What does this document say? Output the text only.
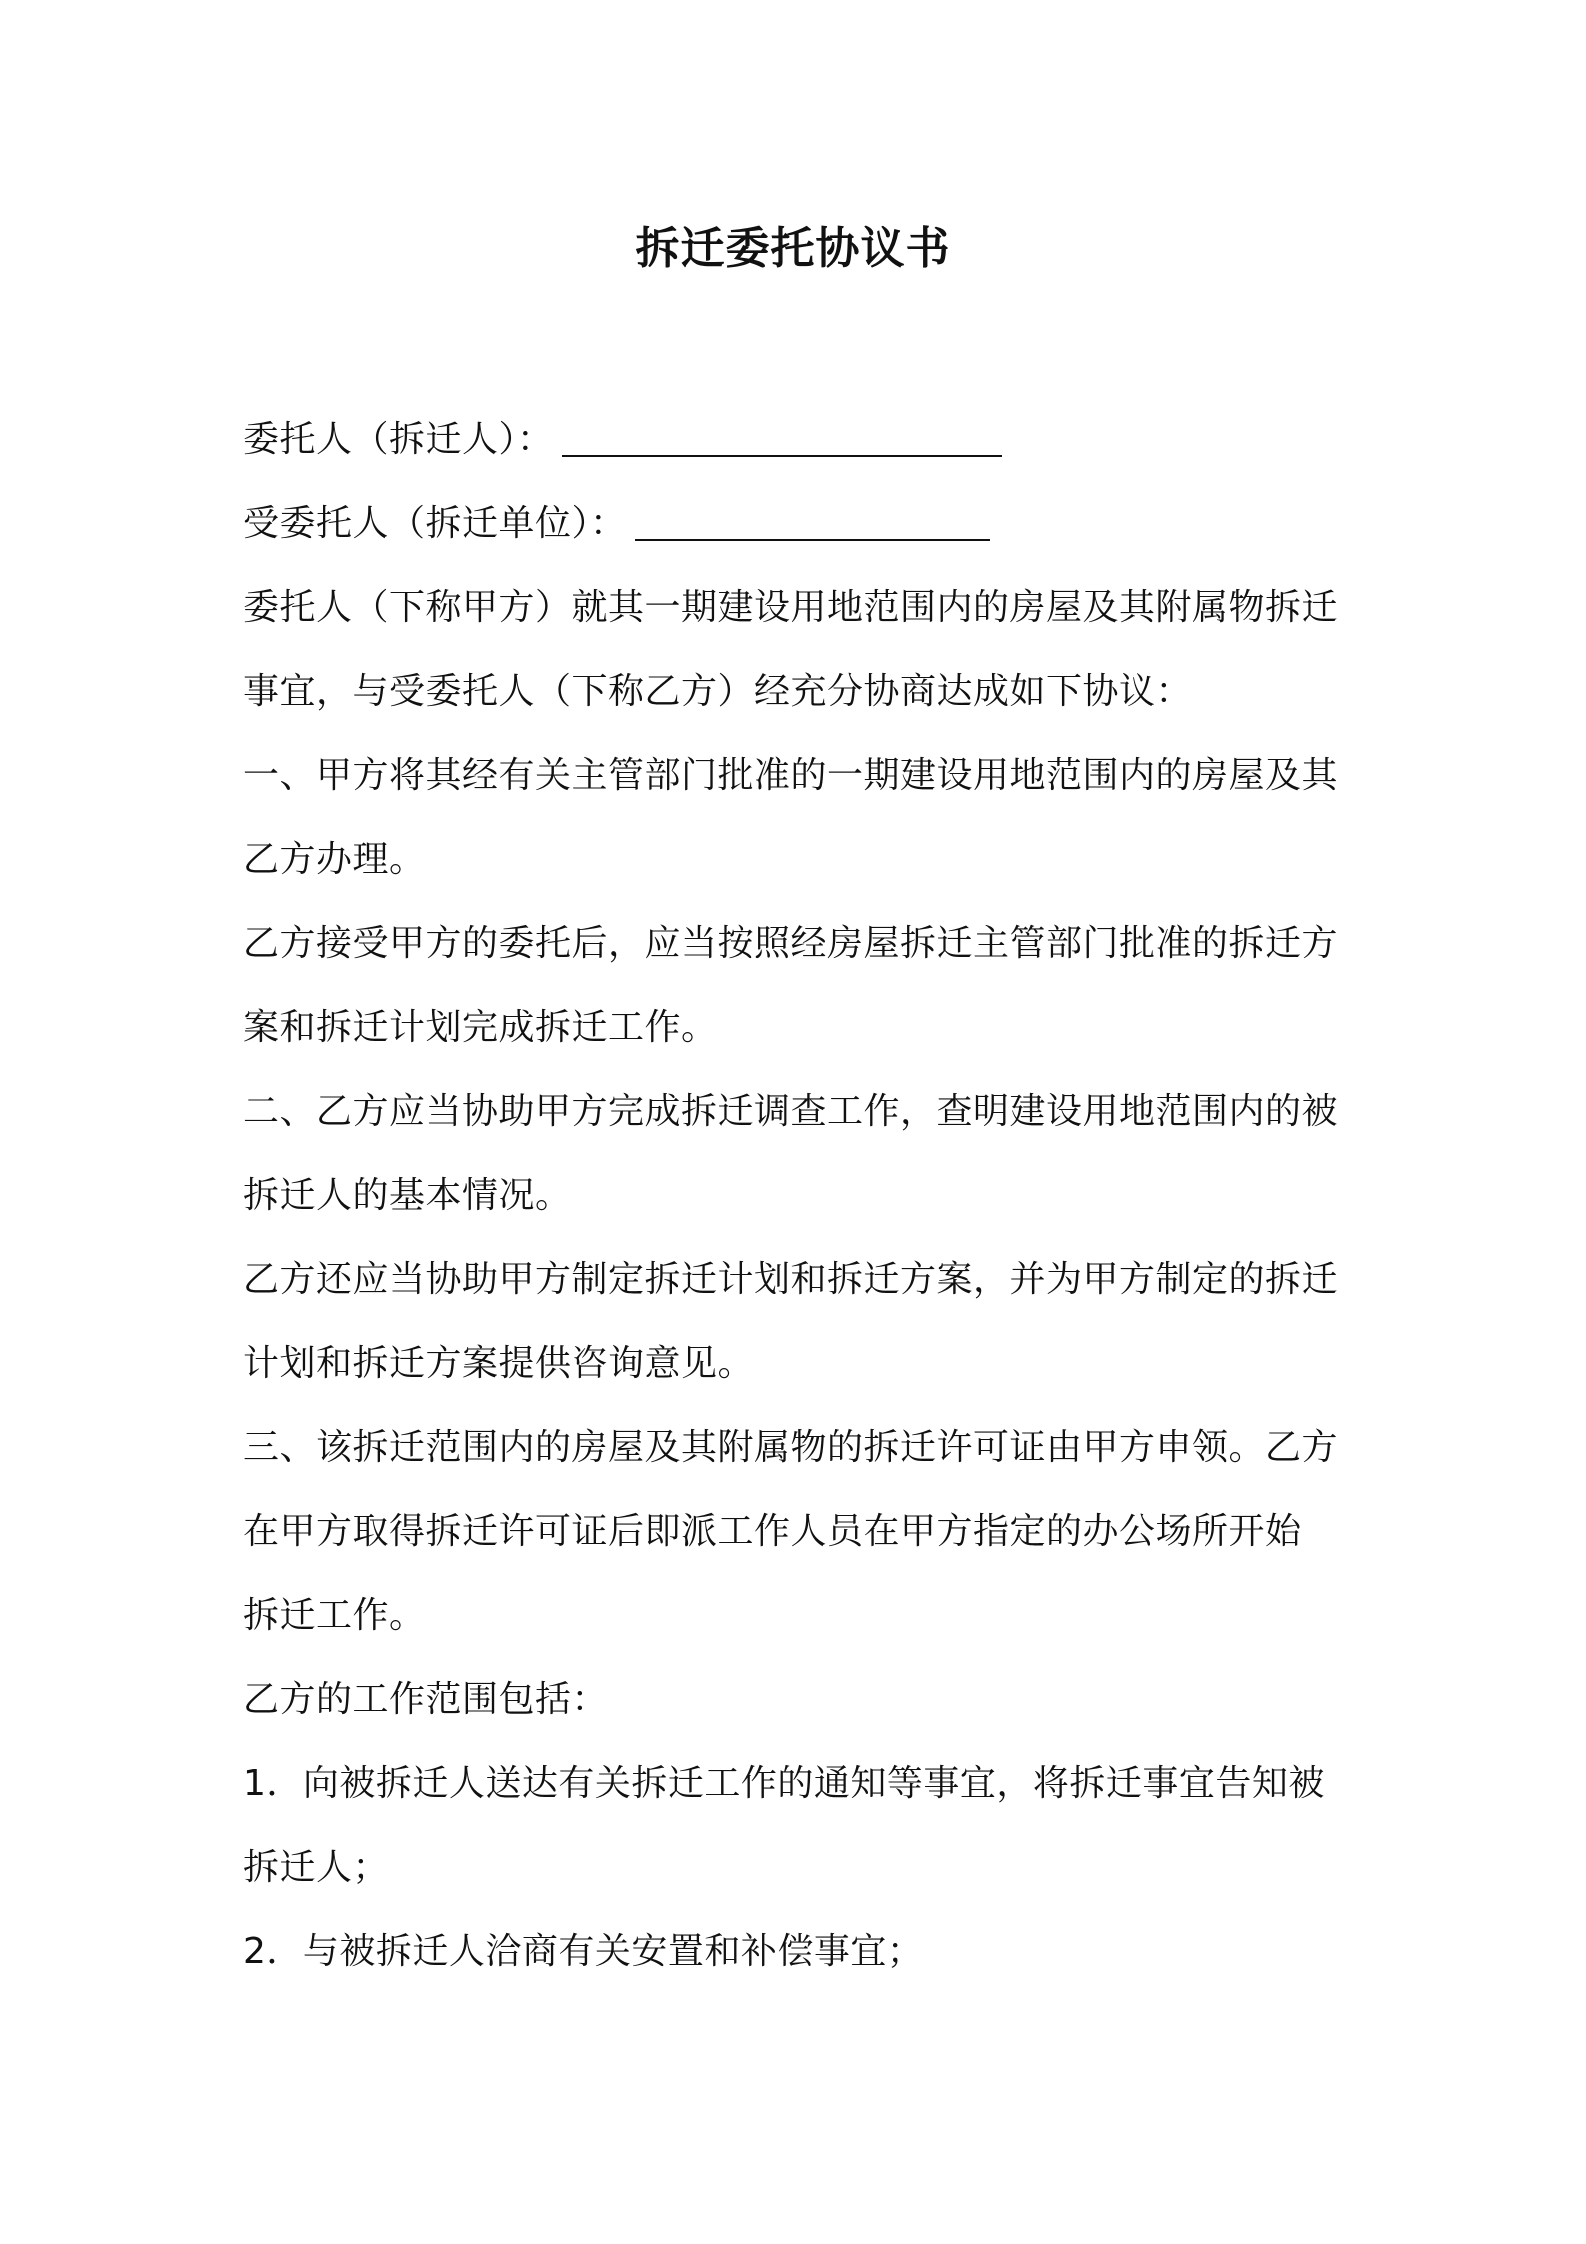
拆迁委托协议书
委托人（拆迁人）：
受委托人（拆迁单位）：
委托人（下称甲方）就其一期建设用地范围内的房屋及其附属物拆迁
事宜，与受委托人（下称乙方）经充分协商达成如下协议：
一、甲方将其经有关主管部门批准的一期建设用地范围内的房屋及其
乙方办理。
乙方接受甲方的委托后，应当按照经房屋拆迁主管部门批准的拆迁方
案和拆迁计划完成拆迁工作。
二、乙方应当协助甲方完成拆迁调查工作，查明建设用地范围内的被
拆迁人的基本情况。
乙方还应当协助甲方制定拆迁计划和拆迁方案，并为甲方制定的拆迁
计划和拆迁方案提供咨询意见。
三、该拆迁范围内的房屋及其附属物的拆迁许可证由甲方申领。乙方
在甲方取得拆迁许可证后即派工作人员在甲方指定的办公场所开始
拆迁工作。
乙方的工作范围包括：
1．向被拆迁人送达有关拆迁工作的通知等事宜，将拆迁事宜告知被
拆迁人；
2．与被拆迁人洽商有关安置和补偿事宜；
